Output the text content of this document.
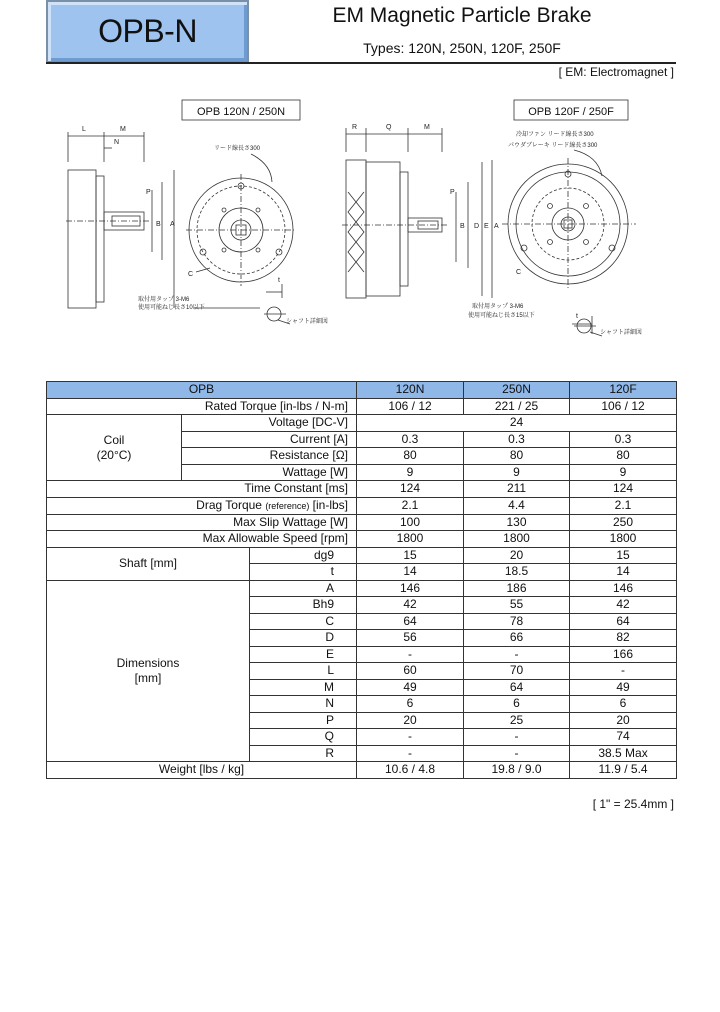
OPB-N	EM Magnetic Particle Brake
Types: 120N, 250N, 120F, 250F
[ EM: Electromagnet ]
OPB 120N / 250N	OPB 120F / 250F
L	M
N
P
B A
C
t
R	Q	M
P
B D E A
C
t
リード線長さ300
取付用タップ 3-M6
使用可能ねじ長さ10以下
シャフト詳細図
冷却ファン リード線長さ300
パウダブレーキ リード線長さ300
取付用タップ 3-M6
使用可能ねじ長さ15以下
シャフト詳細図
OPB			120N	250N	120F	
Rated Torque [in-lbs / N-m]			106 / 12	221 / 25	106 / 12	
Coil
(20°C)	Voltage [DC-V]		24			
	Current [A]		0.3	0.3	0.3	
	Resistance [Ω]		80	80	80	
	Wattage [W]		9	9	9	
Time Constant [ms]			124	211	124	
Drag Torque (reference) [in-lbs]			2.1	4.4	2.1	
Max Slip Wattage [W]			100	130	250	
Max Allowable Speed [rpm]			1800	1800	1800	
Shaft [mm]		dg9	15	20	15	
		t	14	18.5	14	
Dimensions
[mm]		A	146	186	146	
		Bh9	42	55	42	
		C	64	78	64	
		D	56	66	82	
		E	-	-	166	
		L	60	70	-	
		M	49	64	49	
		N	6	6	6	
		P	20	25	20	
		Q	-	-	74	
		R	-	-	38.5 Max	
Weight [lbs / kg]			10.6 / 4.8	19.8 / 9.0	11.9 / 5.4	
[ 1" = 25.4mm ]
